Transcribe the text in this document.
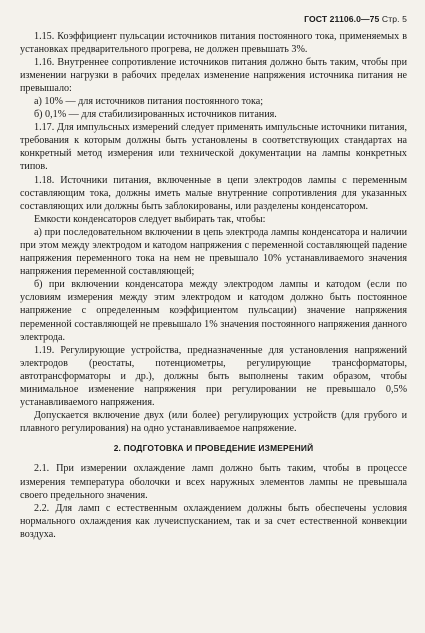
ГОСТ 21106.0—75 Стр. 5

1.15. Коэффициент пульсации источников питания постоянного тока, применяемых в установках предварительного прогрева, не должен превышать 3%.

1.16. Внутреннее сопротивление источников питания должно быть таким, чтобы при изменении нагрузки в рабочих пределах изменение напряжения источника питания не превышало:

а) 10% — для источников питания постоянного тока;

б) 0,1% — для стабилизированных источников питания.

1.17. Для импульсных измерений следует применять импульсные источники питания, требования к которым должны быть установлены в соответствующих стандартах на конкретный метод измерения или технической документации на лампы конкретных типов.

1.18. Источники питания, включенные в цепи электродов лампы с переменным составляющим тока, должны иметь малые внутренние сопротивления для указанных составляющих или должны быть заблокированы, или разделены конденсатором.

Емкости конденсаторов следует выбирать так, чтобы:

а) при последовательном включении в цепь электрода лампы конденсатора и наличии при этом между электродом и катодом напряжения с переменной составляющей падение напряжения переменного тока на нем не превышало 10% устанавливаемого значения напряжения переменной составляющей;

б) при включении конденсатора между электродом лампы и катодом (если по условиям измерения между этим электродом и катодом должно быть постоянное напряжение с определенным коэффициентом пульсации) значение напряжения переменной составляющей не превышало 1% значения постоянного напряжения данного электрода.

1.19. Регулирующие устройства, предназначенные для установления напряжений электродов (реостаты, потенциометры, регулирующие трансформаторы, автотрансформаторы и др.), должны быть выполнены таким образом, чтобы минимальное изменение напряжения при регулировании не превышало 0,5% устанавливаемого напряжения.

Допускается включение двух (или более) регулирующих устройств (для грубого и плавного регулирования) на одно устанавливаемое напряжение.

2. ПОДГОТОВКА И ПРОВЕДЕНИЕ ИЗМЕРЕНИЙ

2.1. При измерении охлаждение ламп должно быть таким, чтобы в процессе измерения температура оболочки и всех наружных элементов лампы не превышала своего предельного значения.

2.2. Для ламп с естественным охлаждением должны быть обеспечены условия нормального охлаждения как лучеиспусканием, так и за счет естественной конвекции воздуха.
